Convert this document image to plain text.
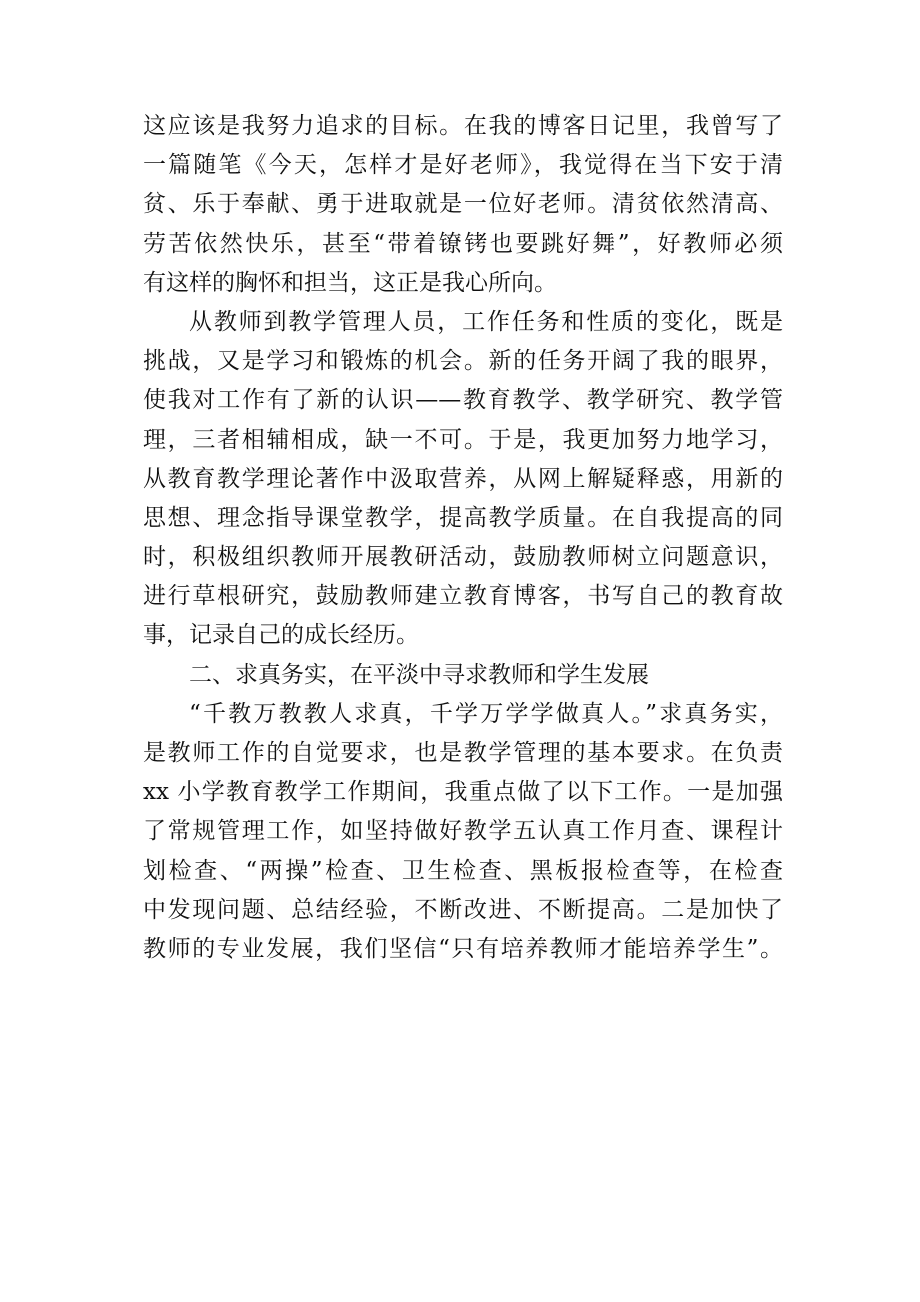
这应该是我努力追求的目标。在我的博客日记里，我曾写了
一篇随笔《今天，怎样才是好老师》，我觉得在当下安于清
贫、乐于奉献、勇于进取就是一位好老师。清贫依然清高、
劳苦依然快乐，甚至“带着镣铐也要跳好舞”，好教师必须
有这样的胸怀和担当，这正是我心所向。
从教师到教学管理人员，工作任务和性质的变化，既是
挑战，又是学习和锻炼的机会。新的任务开阔了我的眼界，
使我对工作有了新的认识——教育教学、教学研究、教学管
理，三者相辅相成，缺一不可。于是，我更加努力地学习，
从教育教学理论著作中汲取营养，从网上解疑释惑，用新的
思想、理念指导课堂教学，提高教学质量。在自我提高的同
时，积极组织教师开展教研活动，鼓励教师树立问题意识，
进行草根研究，鼓励教师建立教育博客，书写自己的教育故
事，记录自己的成长经历。
二、求真务实，在平淡中寻求教师和学生发展
“千教万教教人求真，千学万学学做真人。”求真务实，
是教师工作的自觉要求，也是教学管理的基本要求。在负责
xx 小学教育教学工作期间，我重点做了以下工作。一是加强
了常规管理工作，如坚持做好教学五认真工作月查、课程计
划检查、“两操”检查、卫生检查、黑板报检查等，在检查
中发现问题、总结经验，不断改进、不断提高。二是加快了
教师的专业发展，我们坚信“只有培养教师才能培养学生”。
